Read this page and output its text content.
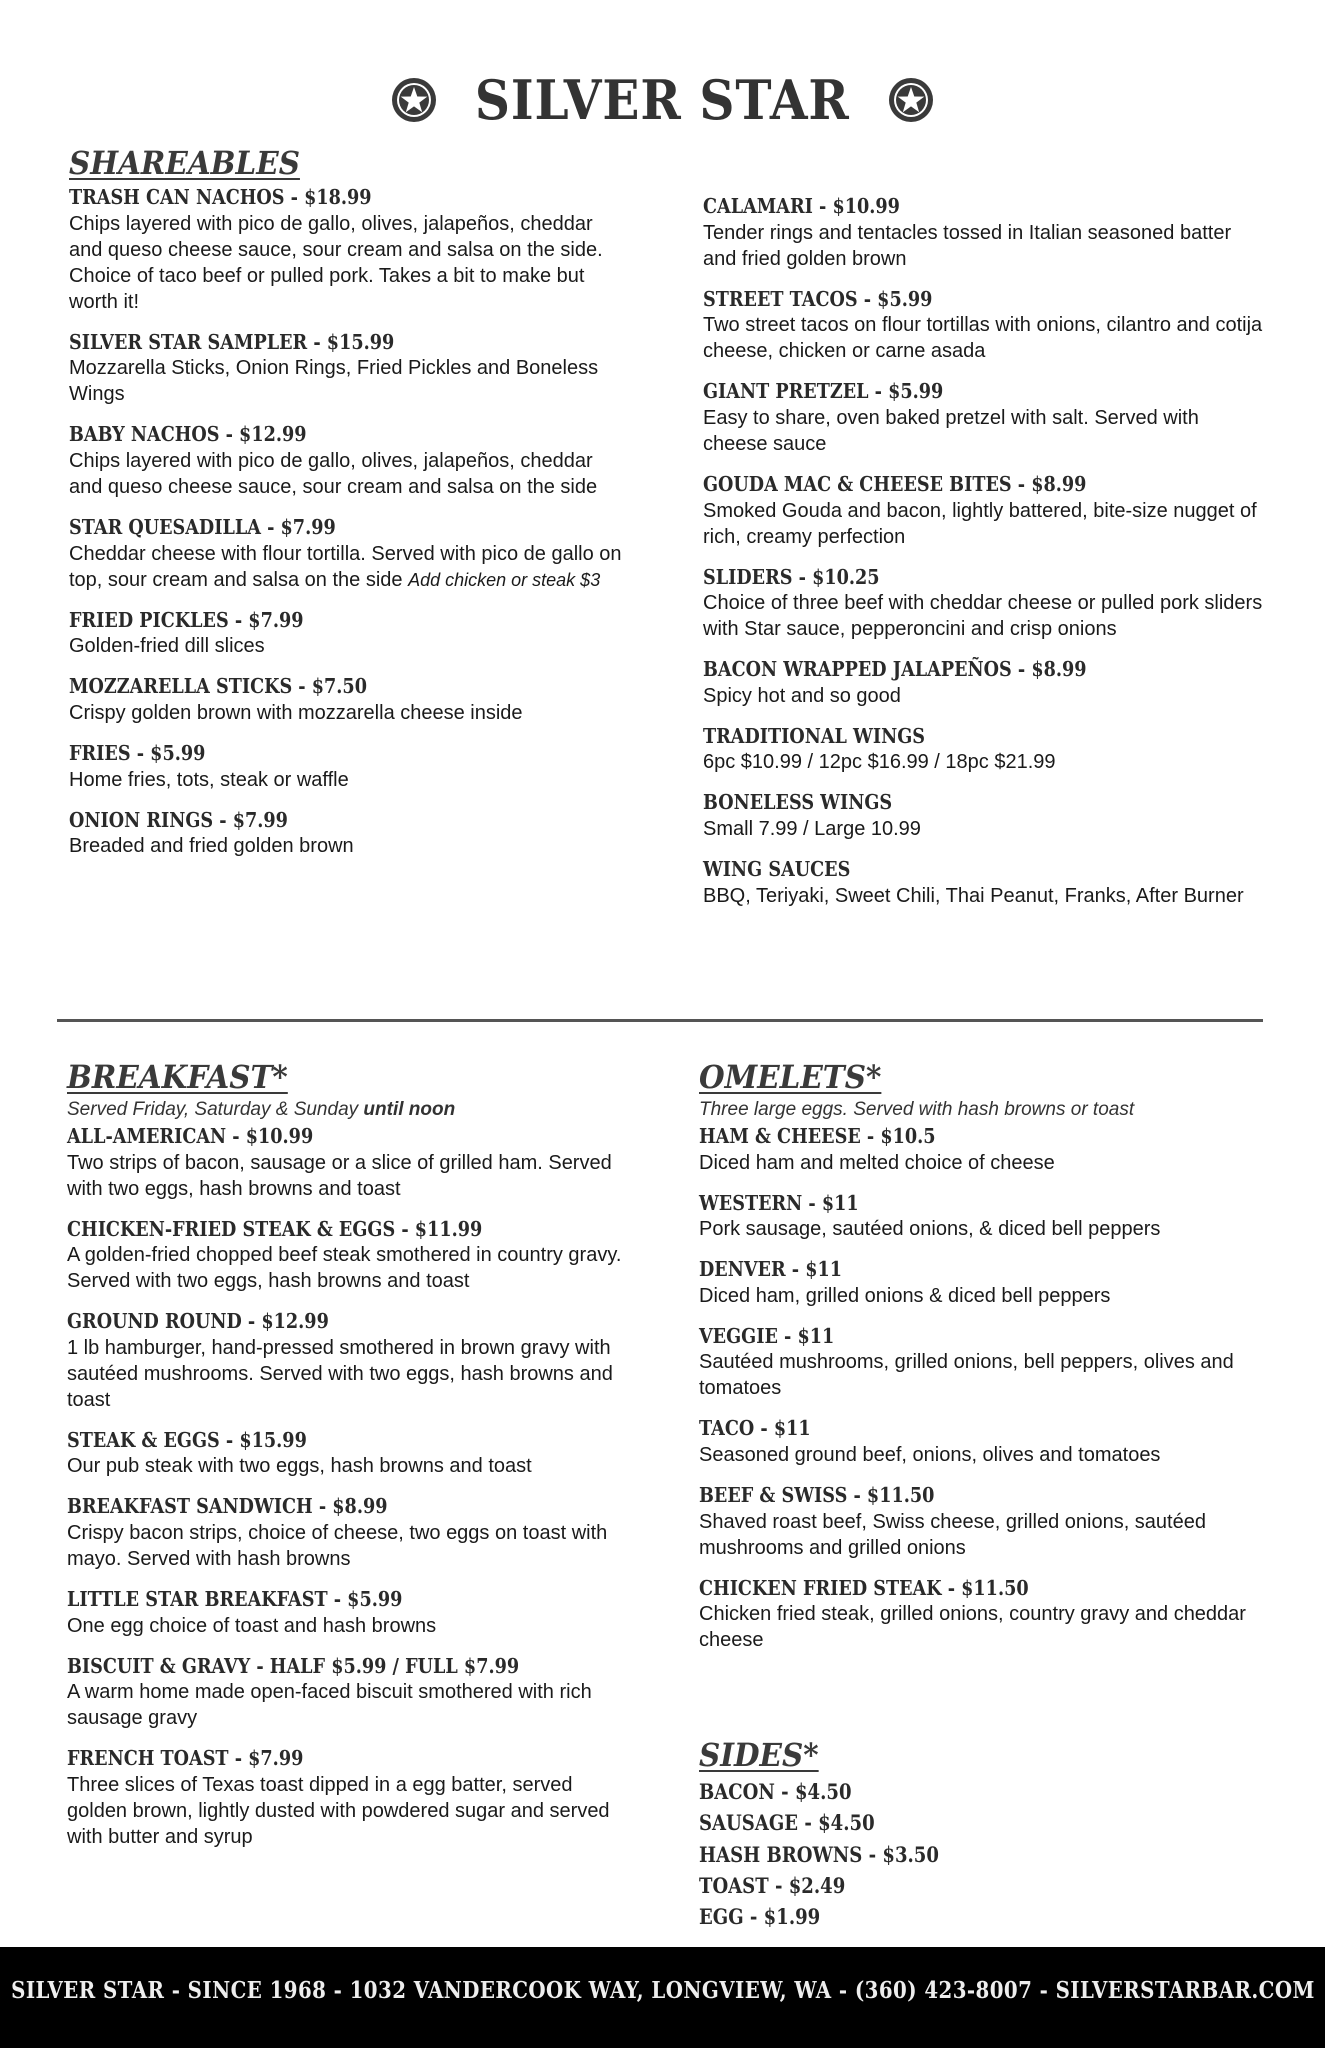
SILVER STAR
SHAREABLES
TRASH CAN NACHOS - $18.99
Chips layered with pico de gallo, olives, jalapeños, cheddar and queso cheese sauce, sour cream and salsa on the side. Choice of taco beef or pulled pork. Takes a bit to make but worth it!
SILVER STAR SAMPLER - $15.99
Mozzarella Sticks, Onion Rings, Fried Pickles and Boneless Wings
BABY NACHOS - $12.99
Chips layered with pico de gallo, olives, jalapeños, cheddar and queso cheese sauce, sour cream and salsa on the side
STAR QUESADILLA - $7.99
Cheddar cheese with flour tortilla. Served with pico de gallo on top, sour cream and salsa on the side Add chicken or steak $3
FRIED PICKLES - $7.99
Golden-fried dill slices
MOZZARELLA STICKS - $7.50
Crispy golden brown with mozzarella cheese inside
FRIES - $5.99
Home fries, tots, steak or waffle
ONION RINGS - $7.99
Breaded and fried golden brown
CALAMARI - $10.99
Tender rings and tentacles tossed in Italian seasoned batter and fried golden brown
STREET TACOS - $5.99
Two street tacos on flour tortillas with onions, cilantro and cotija cheese, chicken or carne asada
GIANT PRETZEL - $5.99
Easy to share, oven baked pretzel with salt. Served with cheese sauce
GOUDA MAC & CHEESE BITES - $8.99
Smoked Gouda and bacon, lightly battered, bite-size nugget of rich, creamy perfection
SLIDERS - $10.25
Choice of three beef with cheddar cheese or pulled pork sliders with Star sauce, pepperoncini and crisp onions
BACON WRAPPED JALAPEÑOS - $8.99
Spicy hot and so good
TRADITIONAL WINGS
6pc $10.99 / 12pc $16.99 / 18pc $21.99
BONELESS WINGS
Small 7.99 / Large 10.99
WING SAUCES
BBQ, Teriyaki, Sweet Chili, Thai Peanut, Franks, After Burner
BREAKFAST*
Served Friday, Saturday & Sunday until noon
ALL-AMERICAN - $10.99
Two strips of bacon, sausage or a slice of grilled ham. Served with two eggs, hash browns and toast
CHICKEN-FRIED STEAK & EGGS - $11.99
A golden-fried chopped beef steak smothered in country gravy. Served with two eggs, hash browns and toast
GROUND ROUND - $12.99
1 lb hamburger, hand-pressed smothered in brown gravy with sautéed mushrooms. Served with two eggs, hash browns and toast
STEAK & EGGS - $15.99
Our pub steak with two eggs, hash browns and toast
BREAKFAST SANDWICH - $8.99
Crispy bacon strips, choice of cheese, two eggs on toast with mayo. Served with hash browns
LITTLE STAR BREAKFAST - $5.99
One egg choice of toast and hash browns
BISCUIT & GRAVY - HALF $5.99 / FULL $7.99
A warm home made open-faced biscuit smothered with rich sausage gravy
FRENCH TOAST - $7.99
Three slices of Texas toast dipped in a egg batter, served golden brown, lightly dusted with powdered sugar and served with butter and syrup
OMELETS*
Three large eggs. Served with hash browns or toast
HAM & CHEESE - $10.5
Diced ham and melted choice of cheese
WESTERN - $11
Pork sausage, sautéed onions, & diced bell peppers
DENVER - $11
Diced ham, grilled onions & diced bell peppers
VEGGIE - $11
Sautéed mushrooms, grilled onions, bell peppers, olives and tomatoes
TACO - $11
Seasoned ground beef, onions, olives and tomatoes
BEEF & SWISS - $11.50
Shaved roast beef, Swiss cheese, grilled onions, sautéed mushrooms and grilled onions
CHICKEN FRIED STEAK - $11.50
Chicken fried steak, grilled onions, country gravy and cheddar cheese
SIDES*
BACON - $4.50
SAUSAGE - $4.50
HASH BROWNS - $3.50
TOAST - $2.49
EGG - $1.99
SILVER STAR - SINCE 1968 - 1032 VANDERCOOK WAY, LONGVIEW, WA - (360) 423-8007 - SILVERSTARBAR.COM
